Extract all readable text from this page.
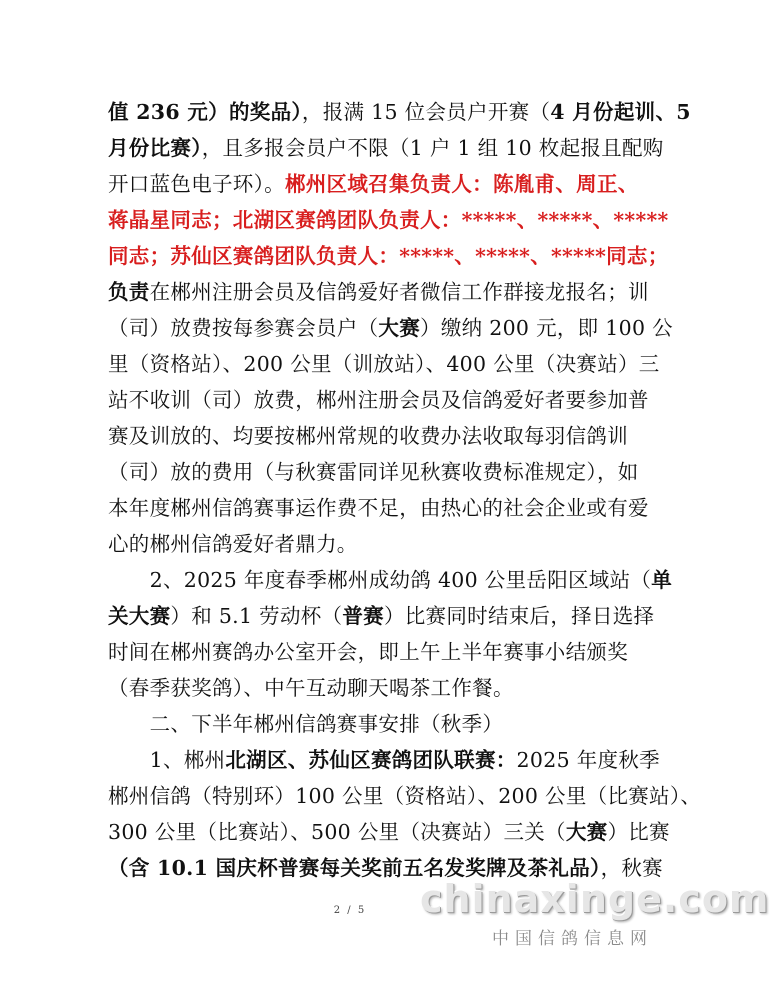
值 236 元）的奖品），报满 15 位会员户开赛（4 月份起训、5
月份比赛），且多报会员户不限（1 户 1 组 10 枚起报且配购
开口蓝色电子环）。郴州区域召集负责人：陈胤甫、周正、
蒋晶星同志；北湖区赛鸽团队负责人：*****、*****、*****
同志；苏仙区赛鸽团队负责人：*****、*****、*****同志；
负责在郴州注册会员及信鸽爱好者微信工作群接龙报名；训
（司）放费按每参赛会员户（大赛）缴纳 200 元，即 100 公
里（资格站）、200 公里（训放站）、400 公里（决赛站）三
站不收训（司）放费，郴州注册会员及信鸽爱好者要参加普
赛及训放的、均要按郴州常规的收费办法收取每羽信鸽训
（司）放的费用（与秋赛雷同详见秋赛收费标准规定），如
本年度郴州信鸽赛事运作费不足，由热心的社会企业或有爱
心的郴州信鸽爱好者鼎力。
　　2、2025 年度春季郴州成幼鸽 400 公里岳阳区域站（单
关大赛）和 5.1 劳动杯（普赛）比赛同时结束后，择日选择
时间在郴州赛鸽办公室开会，即上午上半年赛事小结颁奖
（春季获奖鸽）、中午互动聊天喝茶工作餐。
　　二、下半年郴州信鸽赛事安排（秋季）
　　1、郴州北湖区、苏仙区赛鸽团队联赛：2025 年度秋季
郴州信鸽（特别环）100 公里（资格站）、200 公里（比赛站）、
300 公里（比赛站）、500 公里（决赛站）三关（大赛）比赛
（含 10.1 国庆杯普赛每关奖前五名发奖牌及茶礼品），秋赛
2 / 5	chinaxinge.com
中国信鸽信息网
